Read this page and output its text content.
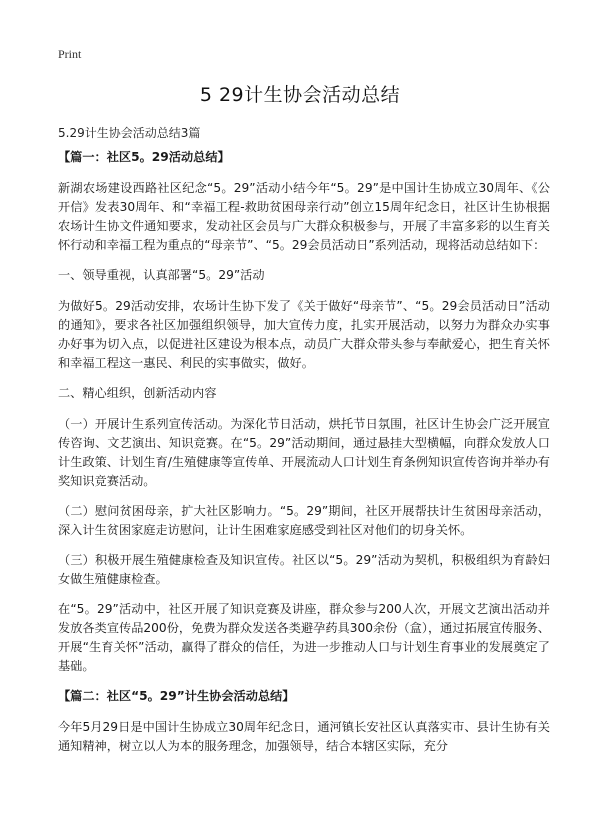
Print
5 29计生协会活动总结
5.29计生协会活动总结3篇

【篇一：社区5。29活动总结】

新湖农场建设西路社区纪念“5。29”活动小结今年“5。29”是中国计生协成立30周年、《公开信》发表30周年、和“幸福工程-救助贫困母亲行动”创立15周年纪念日，社区计生协根据农场计生协文件通知要求，发动社区会员与广大群众积极参与，开展了丰富多彩的以生育关怀行动和幸福工程为重点的“母亲节”、“5。29会员活动日”系列活动，现将活动总结如下：

一、领导重视，认真部署“5。29”活动

为做好5。29活动安排，农场计生协下发了《关于做好“母亲节”、“5。29会员活动日”活动的通知》，要求各社区加强组织领导，加大宣传力度，扎实开展活动，以努力为群众办实事办好事为切入点，以促进社区建设为根本点，动员广大群众带头参与奉献爱心，把生育关怀和幸福工程这一惠民、利民的实事做实，做好。

二、精心组织，创新活动内容

（一）开展计生系列宣传活动。为深化节日活动，烘托节日氛围，社区计生协会广泛开展宣传咨询、文艺演出、知识竞赛。在“5。29”活动期间，通过悬挂大型横幅，向群众发放人口计生政策、计划生育/生殖健康等宣传单、开展流动人口计划生育条例知识宣传咨询并举办有奖知识竞赛活动。

（二）慰问贫困母亲，扩大社区影响力。“5。29”期间，社区开展帮扶计生贫困母亲活动，深入计生贫困家庭走访慰问，让计生困难家庭感受到社区对他们的切身关怀。

（三）积极开展生殖健康检查及知识宣传。社区以“5。29”活动为契机，积极组织为育龄妇女做生殖健康检查。

在“5。29”活动中，社区开展了知识竞赛及讲座，群众参与200人次，开展文艺演出活动并发放各类宣传品200份，免费为群众发送各类避孕药具300余份（盒），通过拓展宣传服务、开展“生育关怀”活动，赢得了群众的信任，为进一步推动人口与计划生育事业的发展奠定了基础。

【篇二：社区“5。29”计生协会活动总结】

今年5月29日是中国计生协成立30周年纪念日，通河镇长安社区认真落实市、县计生协有关通知精神，树立以人为本的服务理念，加强领导，结合本辖区实际，充分
